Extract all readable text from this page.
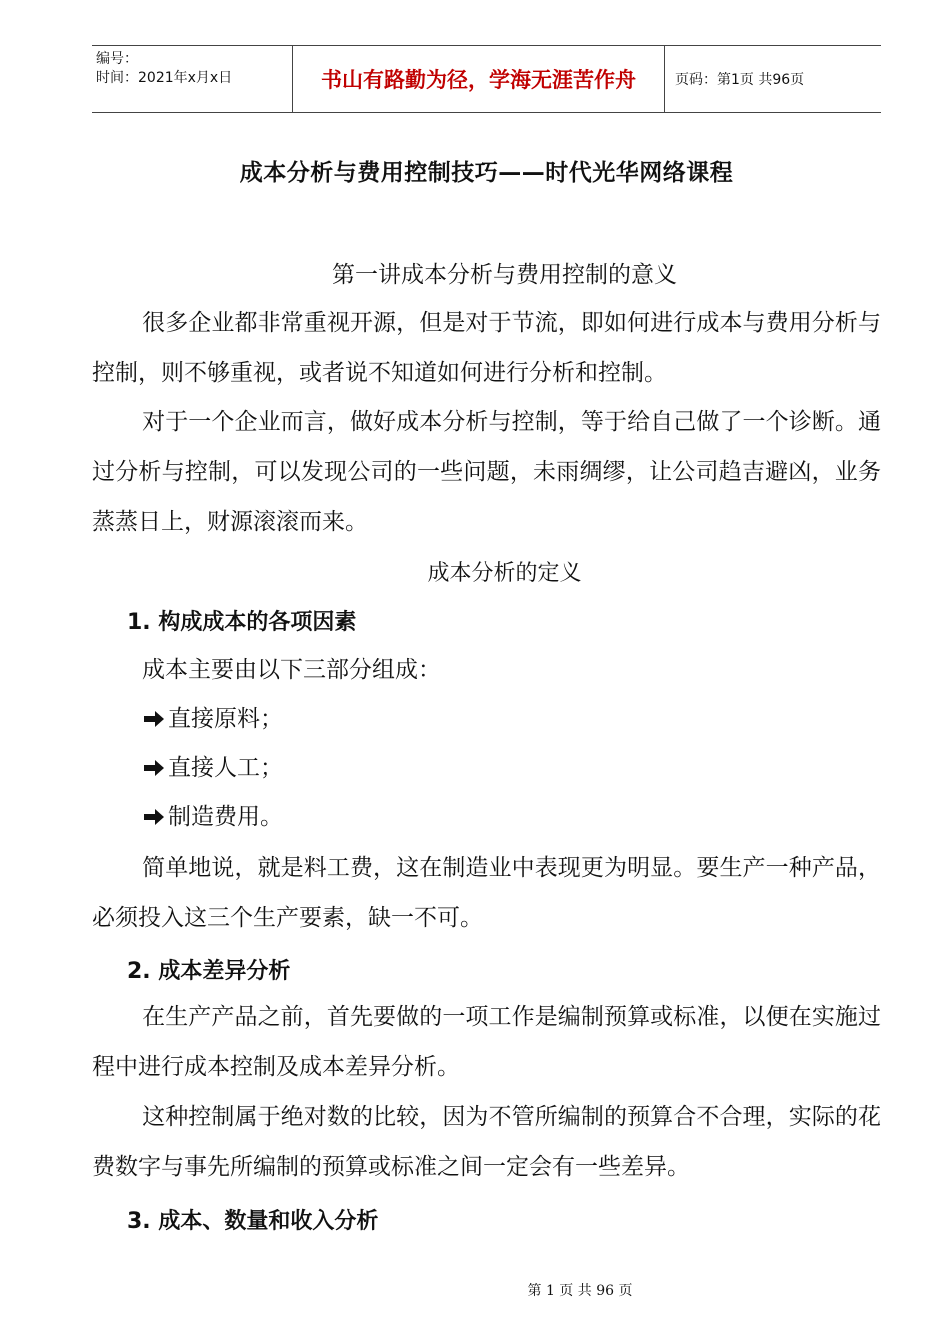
编号：
时间：2021年x月x日	书山有路勤为径，学海无涯苦作舟	页码：第1页 共96页
成本分析与费用控制技巧——时代光华网络课程
第一讲成本分析与费用控制的意义

很多企业都非常重视开源，但是对于节流，即如何进行成本与费用分析与控制，则不够重视，或者说不知道如何进行分析和控制。

对于一个企业而言，做好成本分析与控制，等于给自己做了一个诊断。通过分析与控制，可以发现公司的一些问题，未雨绸缪，让公司趋吉避凶，业务蒸蒸日上，财源滚滚而来。

成本分析的定义
1. 构成成本的各项因素

成本主要由以下三部分组成：

直接原料；
直接人工；
制造费用。

简单地说，就是料工费，这在制造业中表现更为明显。要生产一种产品，必须投入这三个生产要素，缺一不可。

2. 成本差异分析

在生产产品之前，首先要做的一项工作是编制预算或标准，以便在实施过程中进行成本控制及成本差异分析。

这种控制属于绝对数的比较，因为不管所编制的预算合不合理，实际的花费数字与事先所编制的预算或标准之间一定会有一些差异。

3. 成本、数量和收入分析
第 1 页 共 96 页
